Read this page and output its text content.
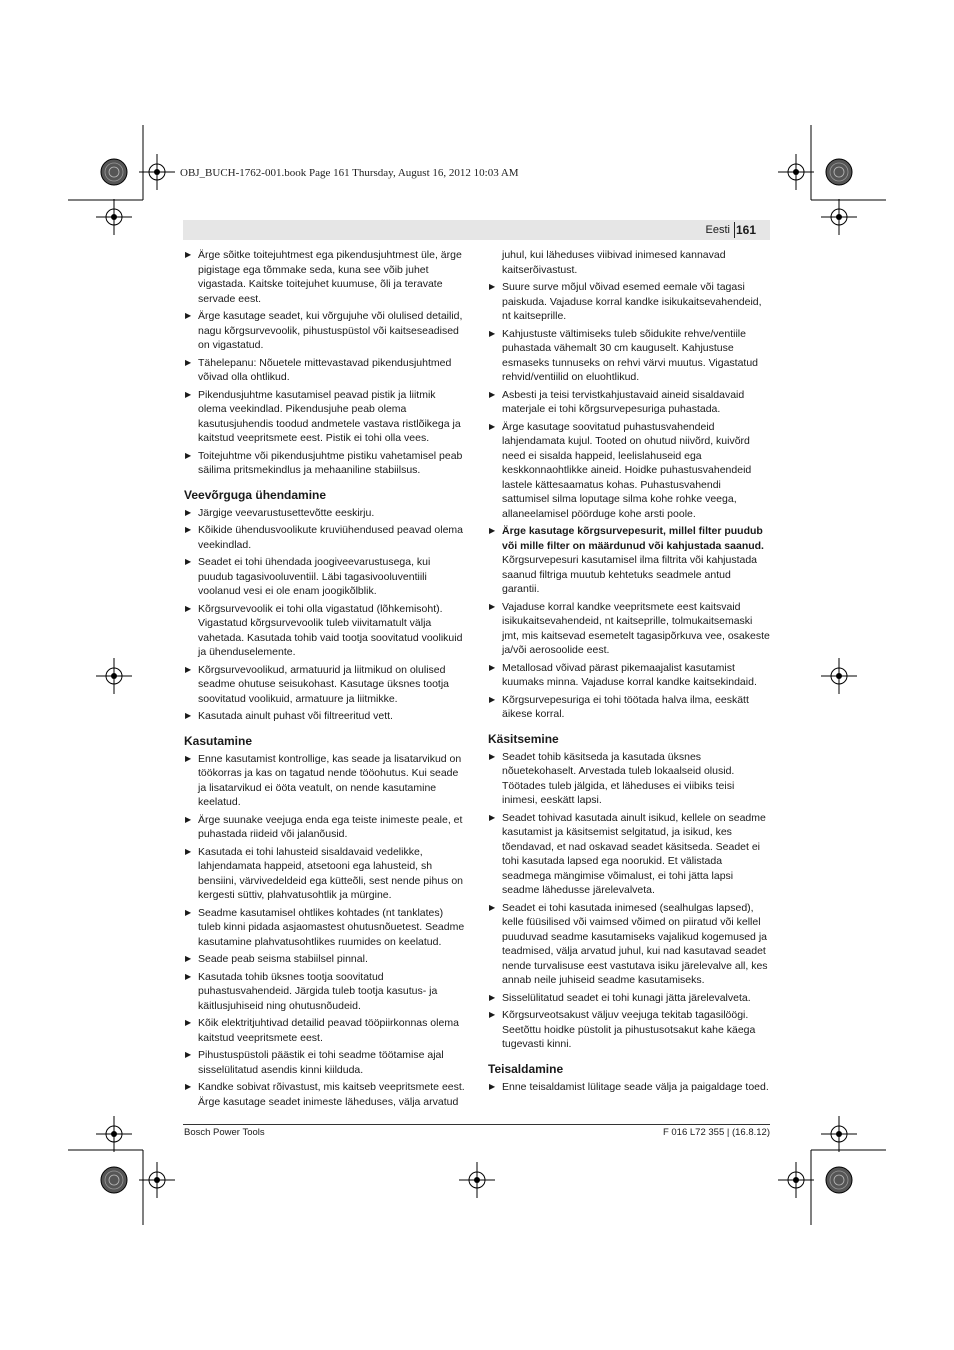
OBJ_BUCH-1762-001.book Page 161 Thursday, August 16, 2012 10:03 AM
Eesti 161
▶ Ärge sõitke toitejuhtmest ega pikendusjuhtmest üle, ärge pigistage ega tõmmake seda, kuna see võib juhet vigastada. Kaitske toitejuhet kuumuse, õli ja teravate servade eest.
▶ Ärge kasutage seadet, kui võrgujuhe või olulised detailid, nagu kõrgsurvevoolik, pihustuspüstol või kaitseseadised on vigastatud.
▶ Tähelepanu: Nõuetele mittevastavad pikendusjuhtmed võivad olla ohtlikud.
▶ Pikendusjuhtme kasutamisel peavad pistik ja liitmik olema veekindlad. Pikendusjuhe peab olema kasutusjuhendis toodud andmetele vastava ristlõikega ja kaitstud veepritsmete eest. Pistik ei tohi olla vees.
▶ Toitejuhtme või pikendusjuhtme pistiku vahetamisel peab säilima pritsmekindlus ja mehaaniline stabiilsus.
Veevõrguga ühendamine
▶ Järgige veevarustusettevõtte eeskirju.
▶ Kõikide ühendusvoolikute kruviühendused peavad olema veekindlad.
▶ Seadet ei tohi ühendada joogiveevarustusega, kui puudub tagasivooluventiil. Läbi tagasivooluventiili voolanud vesi ei ole enam joogikõlblik.
▶ Kõrgsurvevoolik ei tohi olla vigastatud (lõhkemisoht). Vigastatud kõrgsurvevoolik tuleb viivitamatult välja vahetada. Kasutada tohib vaid tootja soovitatud voolikuid ja ühenduselemente.
▶ Kõrgsurvevoolikud, armatuurid ja liitmikud on olulised seadme ohutuse seisukohast. Kasutage üksnes tootja soovitatud voolikuid, armatuure ja liitmikke.
▶ Kasutada ainult puhast või filtreeritud vett.
Kasutamine
▶ Enne kasutamist kontrollige, kas seade ja lisatarvikud on töökorras ja kas on tagatud nende tööohutus. Kui seade ja lisatarvikud ei ööta veatult, on nende kasutamine keelatud.
▶ Ärge suunake veejuga enda ega teiste inimeste peale, et puhastada riideid või jalanõusid.
▶ Kasutada ei tohi lahusteid sisaldavaid vedelikke, lahjendamata happeid, atsetooni ega lahusteid, sh bensiini, värvivedeldeid ega kütteõli, sest nende pihus on kergesti süttiv, plahvatusohtlik ja mürgine.
▶ Seadme kasutamisel ohtlikes kohtades (nt tanklates) tuleb kinni pidada asjaomastest ohutusnõuetest. Seadme kasutamine plahvatusohtlikes ruumides on keelatud.
▶ Seade peab seisma stabiilsel pinnal.
▶ Kasutada tohib üksnes tootja soovitatud puhastusvahendeid. Järgida tuleb tootja kasutus- ja käitlusjuhiseid ning ohutusnõudeid.
▶ Kõik elektritjuhtivad detailid peavad tööpiirkonnas olema kaitstud veepritsmete eest.
▶ Pihustuspüstoli päästik ei tohi seadme töötamise ajal sisselülitatud asendis kinni kiilduda.
▶ Kandke sobivat rõivastust, mis kaitseb veepritsmete eest. Ärge kasutage seadet inimeste läheduses, välja arvatud
juhul, kui läheduses viibivad inimesed kannavad kaitserõivastust.
▶ Suure surve mõjul võivad esemed eemale või tagasi paiskuda. Vajaduse korral kandke isikukaitsevahendeid, nt kaitseprille.
▶ Kahjustuste vältimiseks tuleb sõidukite rehve/ventiile puhastada vähemalt 30 cm kauguselt. Kahjustuse esmaseks tunnuseks on rehvi värvi muutus. Vigastatud rehvid/ventiilid on eluohtlikud.
▶ Asbesti ja teisi tervistkahjustavaid aineid sisaldavaid materjale ei tohi kõrgsurvepesuriga puhastada.
▶ Ärge kasutage soovitatud puhastusvahendeid lahjendamata kujul. Tooted on ohutud niivõrd, kuivõrd need ei sisalda happeid, leelislahuseid ega keskkonnaohtlikke aineid. Hoidke puhastusvahendeid lastele kättesaamatus kohas. Puhastusvahendi sattumisel silma loputage silma kohe rohke veega, allaneelamisel pöörduge kohe arsti poole.
▶ Ärge kasutage kõrgsurvepesurit, millel filter puudub või mille filter on määrdunud või kahjustada saanud. Kõrgsurvepesuri kasutamisel ilma filtrita või kahjustada saanud filtriga muutub kehtetuks seadmele antud garantii.
▶ Vajaduse korral kandke veepritsmete eest kaitsvaid isikukaitsevahendeid, nt kaitseprille, tolmukaitsemaski jmt, mis kaitsevad esemetelt tagasipõrkuva vee, osakeste ja/või aerosoolide eest.
▶ Metallosad võivad pärast pikemaajalist kasutamist kuumaks minna. Vajaduse korral kandke kaitsekindaid.
▶ Kõrgsurvepesuriga ei tohi töötada halva ilma, eeskätt äikese korral.
Käsitsemine
▶ Seadet tohib käsitseda ja kasutada üksnes nõuetekohaselt. Arvestada tuleb lokaalseid olusid. Töötades tuleb jälgida, et läheduses ei viibiks teisi inimesi, eeskätt lapsi.
▶ Seadet tohivad kasutada ainult isikud, kellele on seadme kasutamist ja käsitsemist selgitatud, ja isikud, kes tõendavad, et nad oskavad seadet käsitseda. Seadet ei tohi kasutada lapsed ega noorukid. Et välistada seadmega mängimise võimalust, ei tohi jätta lapsi seadme lähedusse järelevalveta.
▶ Seadet ei tohi kasutada inimesed (sealhulgas lapsed), kelle füüsilised või vaimsed võimed on piiratud või kellel puuduvad seadme kasutamiseks vajalikud kogemused ja teadmised, välja arvatud juhul, kui nad kasutavad seadet nende turvalisuse eest vastutava isiku järelevalve all, kes annab neile juhiseid seadme kasutamiseks.
▶ Sisselülitatud seadet ei tohi kunagi jätta järelevalveta.
▶ Kõrgsurveotsakust väljuv veejuga tekitab tagasilöögi. Seetõttu hoidke püstolit ja pihustusotsakut kahe käega tugevasti kinni.
Teisaldamine
▶ Enne teisaldamist lülitage seade välja ja paigaldage toed.
Bosch Power Tools	F 016 L72 355 | (16.8.12)
